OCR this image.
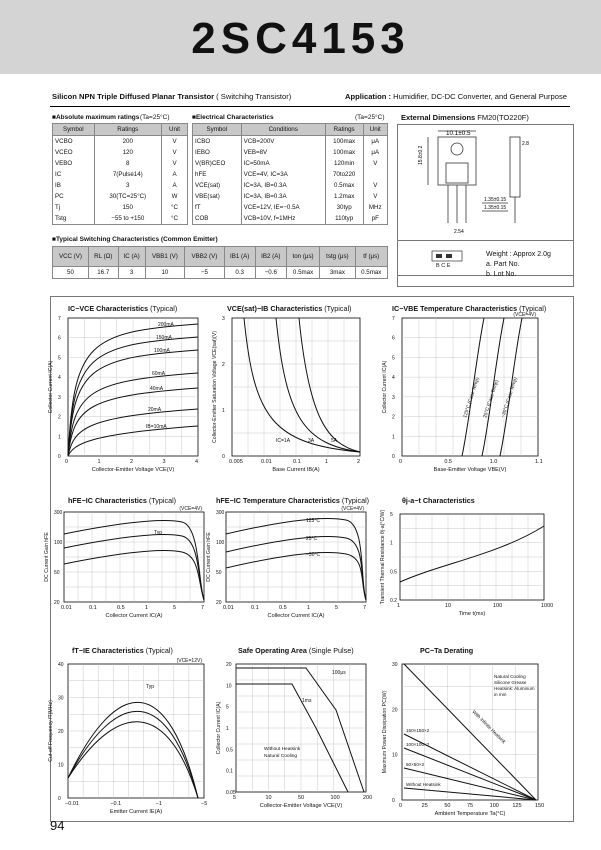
2SC4153
Silicon NPN Triple Diffused Planar Transistor ( Switchihg Transistor)	Application : Humidifier, DC-DC Converter, and General Purpose
■Absolute maximum ratings (Ta=25°C)
Symbol	Ratings	Unit
VCBO	200	V
VCEO	120	V
VEBO	8	V
IC	7(Pulse14)	A
IB	3	A
PC	30(TC=25°C)	W
Tj	150	°C
Tstg	−55 to +150	°C
■Electrical Characteristics	(Ta=25°C)
Symbol	Conditions	Ratings	Unit
ICBO	VCB=200V	100max	μA
IEBO	VEB=8V	100max	μA
V(BR)CEO	IC=50mA	120min	V
hFE	VCE=4V, IC=3A	70to220	
VCE(sat)	IC=3A, IB=0.3A	0.5max	V
VBE(sat)	IC=3A, IB=0.3A	1.2max	V
fT	VCE=12V, IE=−0.5A	30typ	MHz
COB	VCB=10V, f=1MHz	110typ	pF
■Typical Switching Characteristics (Common Emitter)
VCC (V)	RL (Ω)	IC (A)	VBB1 (V)	VBB2 (V)	IB1 (A)	IB2 (A)	ton (μs)	tstg (μs)	tf (μs)
50	16.7	3	10	−5	0.3	−0.6	0.5max	3max	0.5max
External Dimensions FM20(TO220F)
10.1±0.5
15.8±0.2
1.35±0.15
1.35±0.15
2.54
2.8
B C E
Weight : Approx 2.0g
a. Part No.
b. Lot No.
IC−VCE Characteristics (Typical)	VCE(sat)−IB Characteristics (Typical)	IC−VBE Temperature Characteristics (Typical)
hFE−IC Characteristics (Typical)	hFE−IC Temperature Characteristics (Typical)	θj-a−t Characteristics
fT−IE Characteristics (Typical)	Safe Operating Area (Single Pulse)	PC−Ta Derating
0	1	2	3	4
0
1
2
3
4
5
6
7
Collector-Emitter Voltage VCE(V)
Collector Current IC(A)
200mA
150mA
100mA
60mA
40mA
20mA
IB=10mA
0.005	0.01	0.1	1	2
0
1
2
3
Base Current IB(A)
Collector-Emitter Saturation Voltage VCE(sat)(V)	IC=1A	3A	5A
0	0.5	1.0	1.1
0
1
2
3
4
5
6
7
Base-Emitter Voltage VBE(V)
Collector Current IC(A)
(VCE=4V)
125°C (Case Temp) 25°C (Case Temp) −30°C (Case Temp)
0.01	0.1	0.5	1	5	7
20
50
100
300
Collector Current IC(A)
DC Current Gain hFE
(VCE=4V)
Typ
0.01	0.1	0.5	1	5	7
20
50
100
300
Collector Current IC(A)
DC Current Gain hFE
(VCE=4V)
125°C
25°C
−30°C
1	10	100	1000
0.2
0.5
1
5
Time t(ms)
Transient Thermal Resistance θj-a(°C/W)
−0.01	−0.1	−1	−5
0
10
20
30
40
Emitter Current IE(A)
Cut-off Frequency fT(MHz)
(VCE=12V)
Typ
5	10	50	100	200
0.05
0.1
0.5
1
5
10
20
Collector-Emitter Voltage VCE(V)
Collector Current IC(A)
100μs
1ms
Without Heatsink
Natural Cooling
0	25	50	75	100 125 150
0
10
20
30
Ambient Temperature Ta(°C)
Maximum Power Dissipation PC(W)
Natural Cooling
Silicone Grease
Heatsink: Aluminum
in mm
With Infinite Heatsink
150×150×2
100×100×2
50×50×2
Without Heatsink
94
